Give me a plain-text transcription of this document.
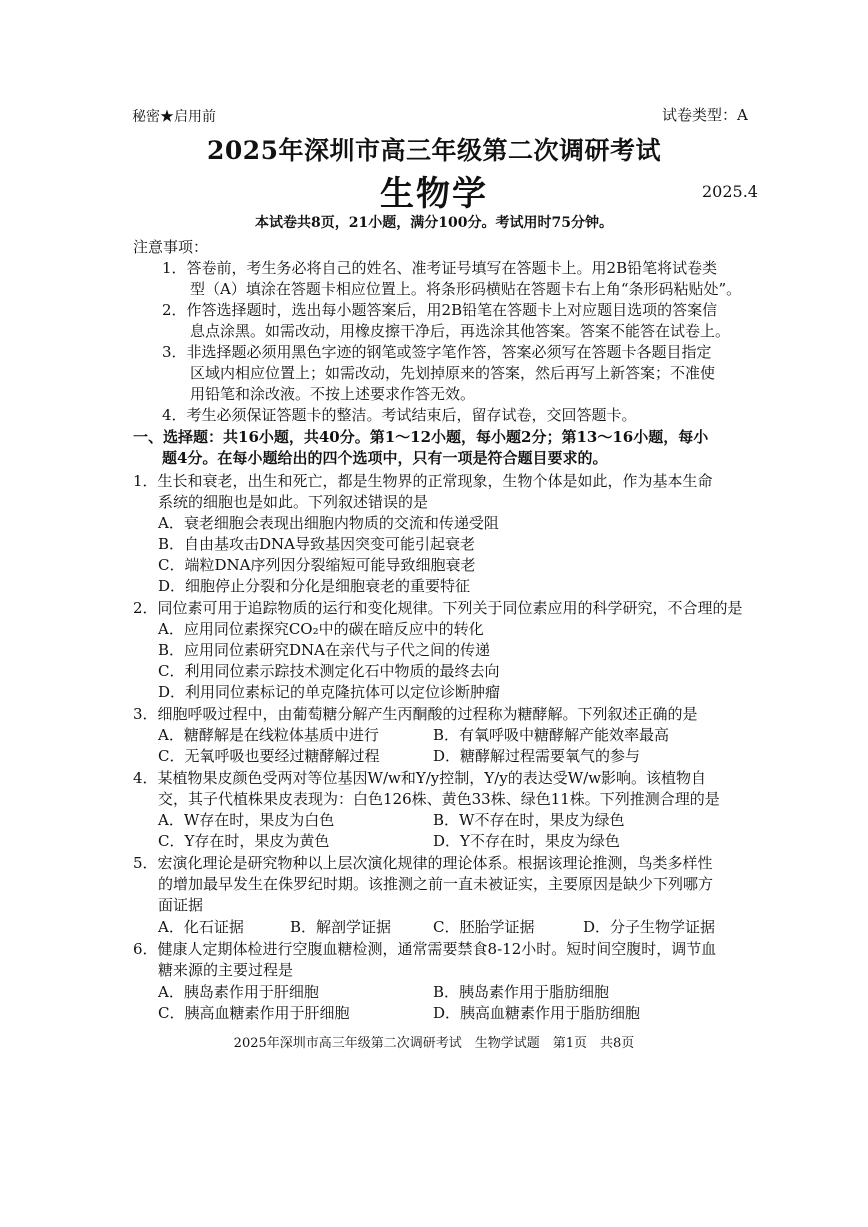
秘密★启用前	试卷类型：A
2025年深圳市高三年级第二次调研考试
生物学	2025.4
本试卷共8页，21小题，满分100分。考试用时75分钟。
注意事项：
1．答卷前，考生务必将自己的姓名、准考证号填写在答题卡上。用2B铅笔将试卷类
型（A）填涂在答题卡相应位置上。将条形码横贴在答题卡右上角“条形码粘贴处”。
2．作答选择题时，选出每小题答案后，用2B铅笔在答题卡上对应题目选项的答案信
息点涂黑。如需改动，用橡皮擦干净后，再选涂其他答案。答案不能答在试卷上。
3．非选择题必须用黑色字迹的钢笔或签字笔作答，答案必须写在答题卡各题目指定
区域内相应位置上；如需改动，先划掉原来的答案，然后再写上新答案；不准使
用铅笔和涂改液。不按上述要求作答无效。
4．考生必须保证答题卡的整洁。考试结束后，留存试卷，交回答题卡。
一、选择题：共16小题，共40分。第1～12小题，每小题2分；第13～16小题，每小
题4分。在每小题给出的四个选项中，只有一项是符合题目要求的。
1．生长和衰老，出生和死亡，都是生物界的正常现象，生物个体是如此，作为基本生命
系统的细胞也是如此。下列叙述错误的是
A．衰老细胞会表现出细胞内物质的交流和传递受阻
B．自由基攻击DNA导致基因突变可能引起衰老
C．端粒DNA序列因分裂缩短可能导致细胞衰老
D．细胞停止分裂和分化是细胞衰老的重要特征
2．同位素可用于追踪物质的运行和变化规律。下列关于同位素应用的科学研究，不合理的是
A．应用同位素探究CO₂中的碳在暗反应中的转化
B．应用同位素研究DNA在亲代与子代之间的传递
C．利用同位素示踪技术测定化石中物质的最终去向
D．利用同位素标记的单克隆抗体可以定位诊断肿瘤
3．细胞呼吸过程中，由葡萄糖分解产生丙酮酸的过程称为糖酵解。下列叙述正确的是
A．糖酵解是在线粒体基质中进行	B．有氧呼吸中糖酵解产能效率最高
C．无氧呼吸也要经过糖酵解过程	D．糖酵解过程需要氧气的参与
4．某植物果皮颜色受两对等位基因W/w和Y/y控制，Y/y的表达受W/w影响。该植物自
交，其子代植株果皮表现为：白色126株、黄色33株、绿色11株。下列推测合理的是
A．W存在时，果皮为白色	B．W不存在时，果皮为绿色
C．Y存在时，果皮为黄色	D．Y不存在时，果皮为绿色
5．宏演化理论是研究物种以上层次演化规律的理论体系。根据该理论推测，鸟类多样性
的增加最早发生在侏罗纪时期。该推测之前一直未被证实，主要原因是缺少下列哪方
面证据
A．化石证据	B．解剖学证据	C．胚胎学证据	D．分子生物学证据
6．健康人定期体检进行空腹血糖检测，通常需要禁食8-12小时。短时间空腹时，调节血
糖来源的主要过程是
A．胰岛素作用于肝细胞	B．胰岛素作用于脂肪细胞
C．胰高血糖素作用于肝细胞	D．胰高血糖素作用于脂肪细胞
2025年深圳市高三年级第二次调研考试　生物学试题　第1页　共8页
